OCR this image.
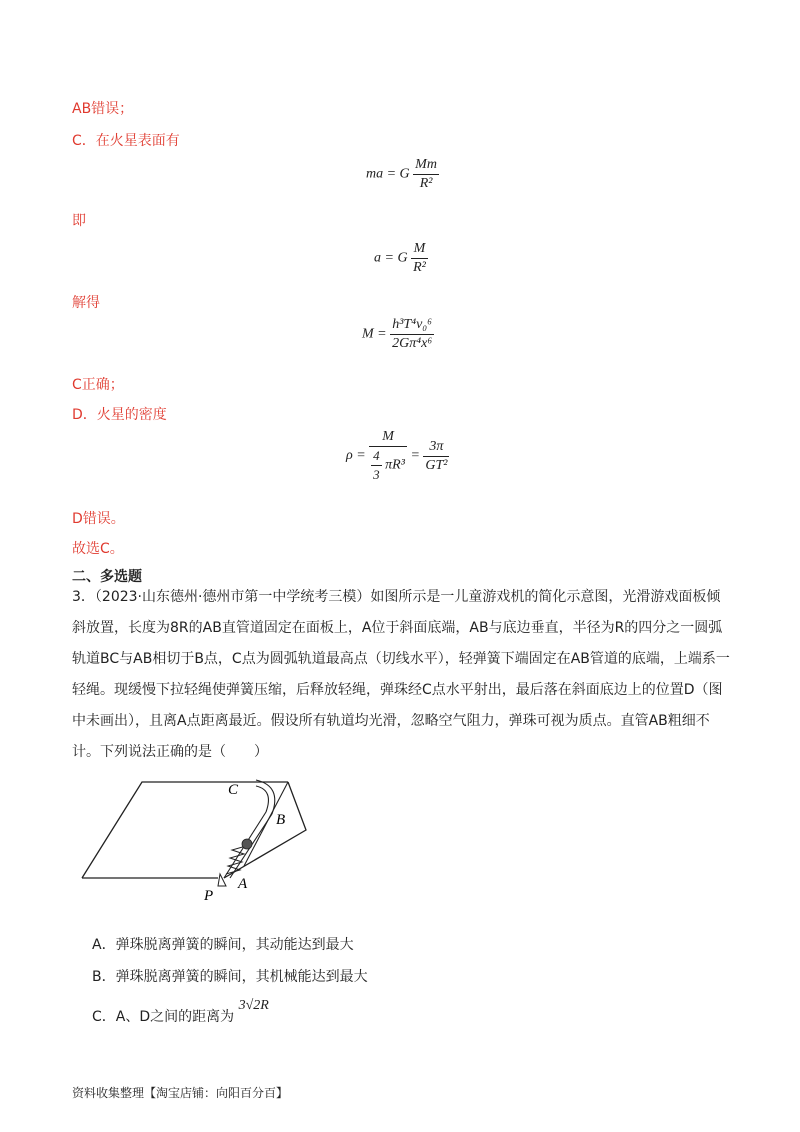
AB错误；
C．在火星表面有
ma = G $\frac{Mm}{\text{R²}}$
即
a = G $\frac{M}{\text{R²}}$
解得
$M = \frac{\text{h³T⁴v₀⁶}}{\text{2Gπ⁴x⁶}}$
C正确；
D．火星的密度
$\rho = \frac{M}{\frac{4}{3} \pi R^3} = \frac{3\pi}{\text{GT²}}$
D错误。
故选C。
二、多选题
3．（2023·山东德州·德州市第一中学统考三模）如图所示是一儿童游戏机的简化示意图，光滑游戏面板倾斜放置，长度为8R的AB直管道固定在面板上，A位于斜面底端，AB与底边垂直，半径为R的四分之一圆弧轨道BC与AB相切于B点，C点为圆弧轨道最高点（切线水平），轻弹簧下端固定在AB管道的底端，上端系一轻绳。现缓慢下拉轻绳使弹簧压缩，后释放轻绳，弹珠经C点水平射出，最后落在斜面底边上的位置D（图中未画出），且离A点距离最近。假设所有轨道均光滑，忽略空气阻力，弹珠可视为质点。直管AB粗细不计。下列说法正确的是（　　）
C
B
A
P
A．弹珠脱离弹簧的瞬间，其动能达到最大
B．弹珠脱离弹簧的瞬间，其机械能达到最大
C．A、D之间的距离为 3√2R
资料收集整理【淘宝店铺：向阳百分百】
